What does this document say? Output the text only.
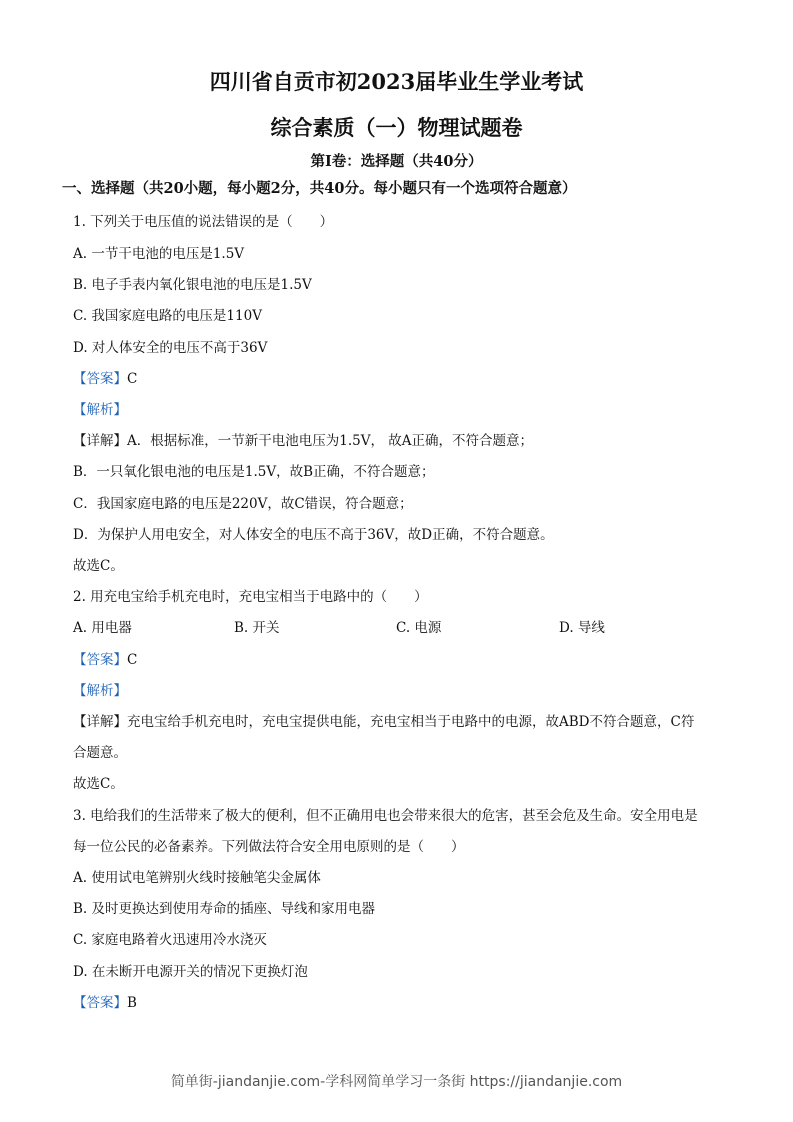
四川省自贡市初2023届毕业生学业考试
综合素质（一）物理试题卷
第I卷：选择题（共40分）
一、选择题（共20小题，每小题2分，共40分。每小题只有一个选项符合题意）
1. 下列关于电压值的说法错误的是（　　）
A. 一节干电池的电压是1.5V
B. 电子手表内氧化银电池的电压是1.5V
C. 我国家庭电路的电压是110V
D. 对人体安全的电压不高于36V
【答案】C
【解析】
【详解】A．根据标准，一节新干电池电压为1.5V， 故A正确，不符合题意；
B．一只氧化银电池的电压是1.5V，故B正确，不符合题意；
C．我国家庭电路的电压是220V，故C错误，符合题意；
D．为保护人用电安全，对人体安全的电压不高于36V，故D正确，不符合题意。
故选C。
2. 用充电宝给手机充电时，充电宝相当于电路中的（　　）
A. 用电器	B. 开关	C. 电源	D. 导线
【答案】C
【解析】
【详解】充电宝给手机充电时，充电宝提供电能，充电宝相当于电路中的电源，故ABD不符合题意，C符
合题意。
故选C。
3. 电给我们的生活带来了极大的便利，但不正确用电也会带来很大的危害，甚至会危及生命。安全用电是
每一位公民的必备素养。下列做法符合安全用电原则的是（　　）
A. 使用试电笔辨别火线时接触笔尖金属体
B. 及时更换达到使用寿命的插座、导线和家用电器
C. 家庭电路着火迅速用冷水浇灭
D. 在未断开电源开关的情况下更换灯泡
【答案】B
简单街-jiandanjie.com-学科网简单学习一条街 https://jiandanjie.com
